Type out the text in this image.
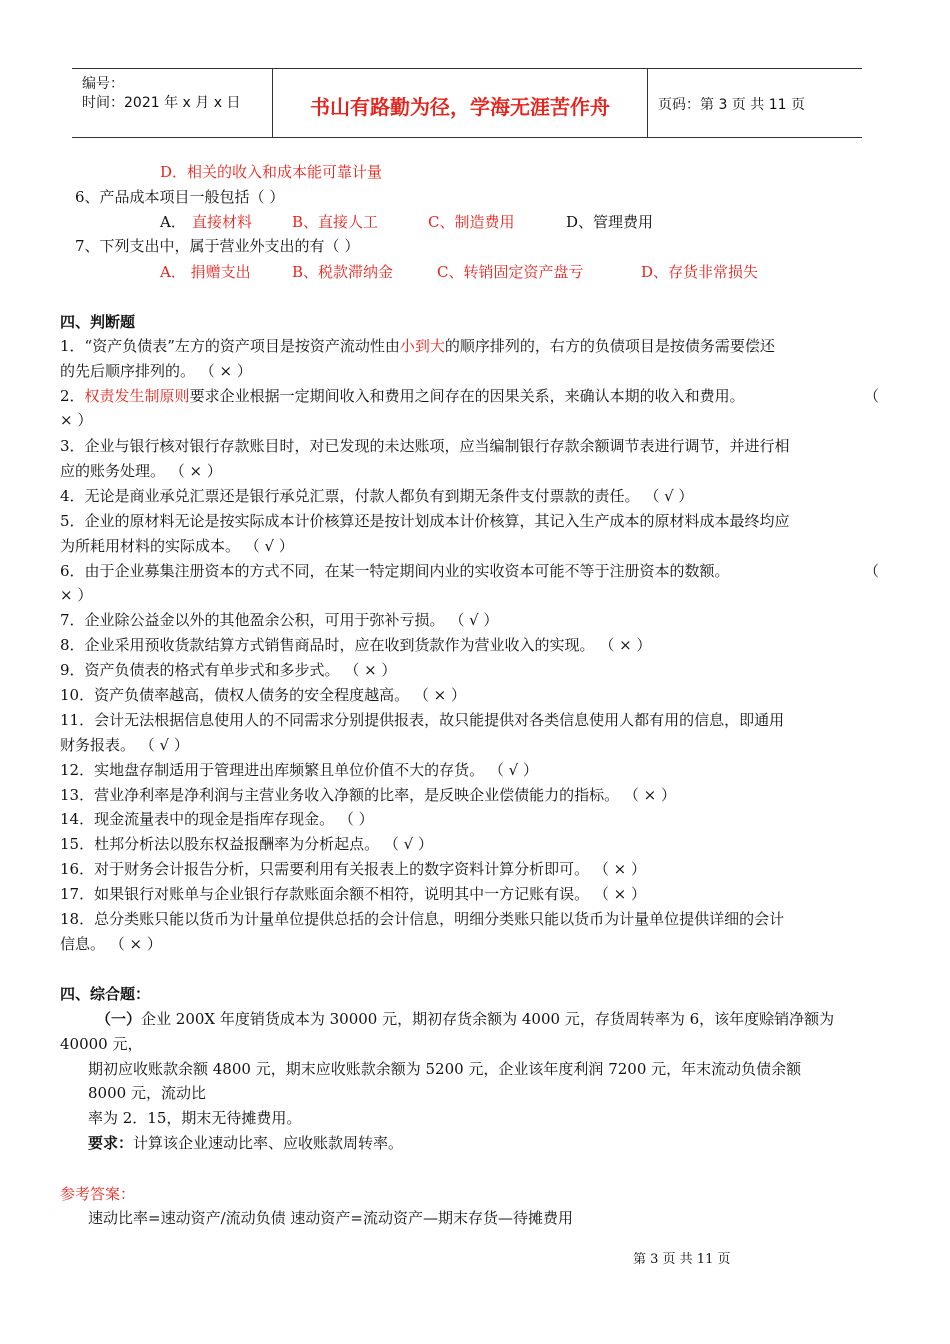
编号：
时间：2021 年 x 月 x 日	书山有路勤为径，学海无涯苦作舟	页码：第 3 页 共 11 页
D．相关的收入和成本能可靠计量
6、产品成本项目一般包括（ ）
A． 直接材料	B、直接人工	C、制造费用	D、管理费用
7、下列支出中，属于营业外支出的有（ ）
A． 捐赠支出	B、税款滞纳金	C、转销固定资产盘亏	D、存货非常损失
四、判断题
1．“资产负债表”左方的资产项目是按资产流动性由小到大的顺序排列的，右方的负债项目是按债务需要偿还
的先后顺序排列的。 （ × ）
2．权责发生制原则要求企业根据一定期间收入和费用之间存在的因果关系，来确认本期的收入和费用。	（
× ）
3．企业与银行核对银行存款账目时，对已发现的未达账项，应当编制银行存款余额调节表进行调节，并进行相
应的账务处理。 （ × ）
4．无论是商业承兑汇票还是银行承兑汇票，付款人都负有到期无条件支付票款的责任。 （ √ ）
5．企业的原材料无论是按实际成本计价核算还是按计划成本计价核算，其记入生产成本的原材料成本最终均应
为所耗用材料的实际成本。 （ √ ）
6．由于企业募集注册资本的方式不同，在某一特定期间内业的实收资本可能不等于注册资本的数额。	（
× ）
7．企业除公益金以外的其他盈余公积，可用于弥补亏损。 （ √ ）
8．企业采用预收货款结算方式销售商品时，应在收到货款作为营业收入的实现。 （ × ）
9．资产负债表的格式有单步式和多步式。 （ × ）
10．资产负债率越高，债权人债务的安全程度越高。 （ × ）
11．会计无法根据信息使用人的不同需求分别提供报表，故只能提供对各类信息使用人都有用的信息，即通用
财务报表。 （ √ ）
12．实地盘存制适用于管理进出库频繁且单位价值不大的存货。 （ √ ）
13．营业净利率是净利润与主营业务收入净额的比率，是反映企业偿债能力的指标。 （ × ）
14．现金流量表中的现金是指库存现金。 （ ）
15．杜邦分析法以股东权益报酬率为分析起点。 （ √ ）
16．对于财务会计报告分析，只需要利用有关报表上的数字资料计算分析即可。 （ × ）
17．如果银行对账单与企业银行存款账面余额不相符，说明其中一方记账有误。 （ × ）
18．总分类账只能以货币为计量单位提供总括的会计信息，明细分类账只能以货币为计量单位提供详细的会计
信息。 （ × ）
四、综合题：
（一）企业 200X 年度销货成本为 30000 元，期初存货余额为 4000 元，存货周转率为 6，该年度赊销净额为
40000 元，
期初应收账款余额 4800 元，期末应收账款余额为 5200 元，企业该年度利润 7200 元，年末流动负债余额
8000 元，流动比
率为 2．15，期末无待摊费用。
要求：计算该企业速动比率、应收账款周转率。
参考答案：
速动比率=速动资产/流动负债 速动资产=流动资产—期末存货—待摊费用
第 3 页 共 11 页
